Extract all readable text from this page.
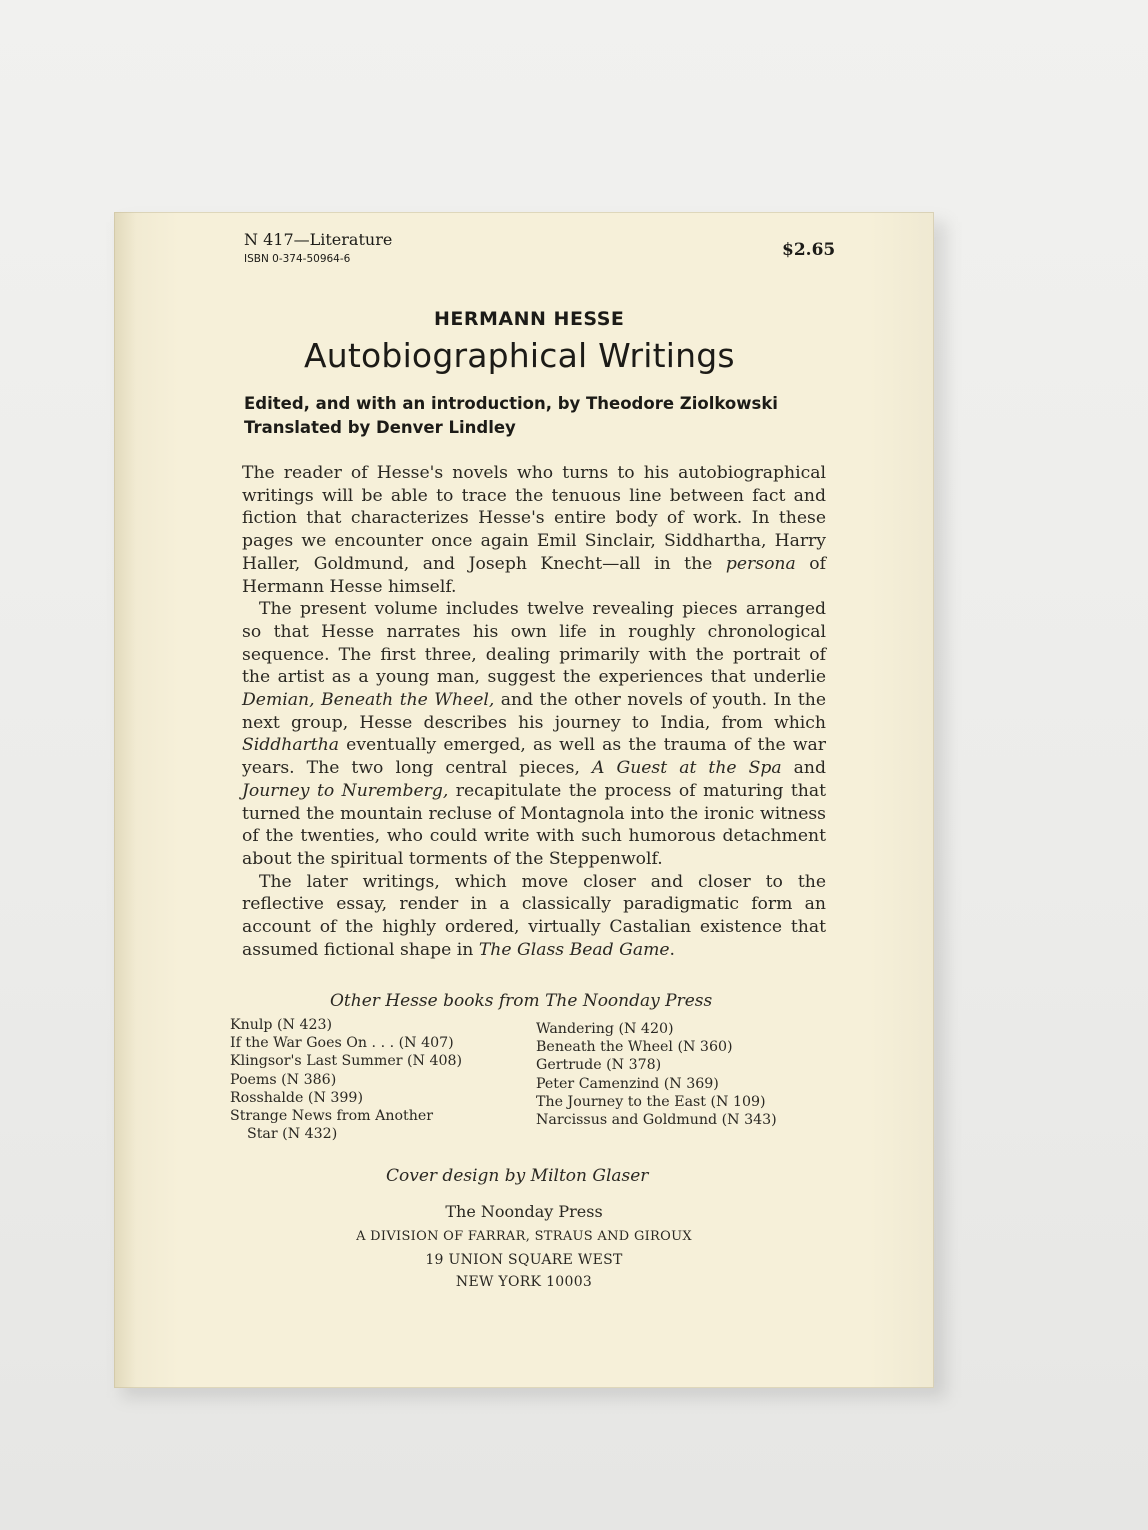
N 417—Literature
ISBN 0-374-50964-6	$2.65
HERMANN HESSE
Autobiographical Writings
Edited, and with an introduction, by Theodore Ziolkowski
Translated by Denver Lindley

The reader of Hesse's novels who turns to his autobiographical writings will be able to trace the tenuous line between fact and fiction that characterizes Hesse's entire body of work. In these pages we encounter once again Emil Sinclair, Siddhartha, Harry Haller, Goldmund, and Joseph Knecht—all in the persona of Hermann Hesse himself.

The present volume includes twelve revealing pieces arranged so that Hesse narrates his own life in roughly chronological sequence. The first three, dealing primarily with the portrait of the artist as a young man, suggest the experiences that underlie Demian, Beneath the Wheel, and the other novels of youth. In the next group, Hesse describes his journey to India, from which Siddhartha eventually emerged, as well as the trauma of the war years. The two long central pieces, A Guest at the Spa and Journey to Nuremberg, recapitulate the process of maturing that turned the mountain recluse of Montagnola into the ironic witness of the twenties, who could write with such humorous detachment about the spiritual torments of the Steppenwolf.

The later writings, which move closer and closer to the reflective essay, render in a classically paradigmatic form an account of the highly ordered, virtually Castalian existence that assumed fictional shape in The Glass Bead Game.

Other Hesse books from The Noonday Press
Knulp (N 423)
If the War Goes On . . . (N 407)
Klingsor's Last Summer (N 408)
Poems (N 386)
Rosshalde (N 399)
Strange News from Another
Star (N 432)
Wandering (N 420)
Beneath the Wheel (N 360)
Gertrude (N 378)
Peter Camenzind (N 369)
The Journey to the East (N 109)
Narcissus and Goldmund (N 343)
Cover design by Milton Glaser
The Noonday Press
A DIVISION OF FARRAR, STRAUS AND GIROUX
19 UNION SQUARE WEST
NEW YORK 10003
